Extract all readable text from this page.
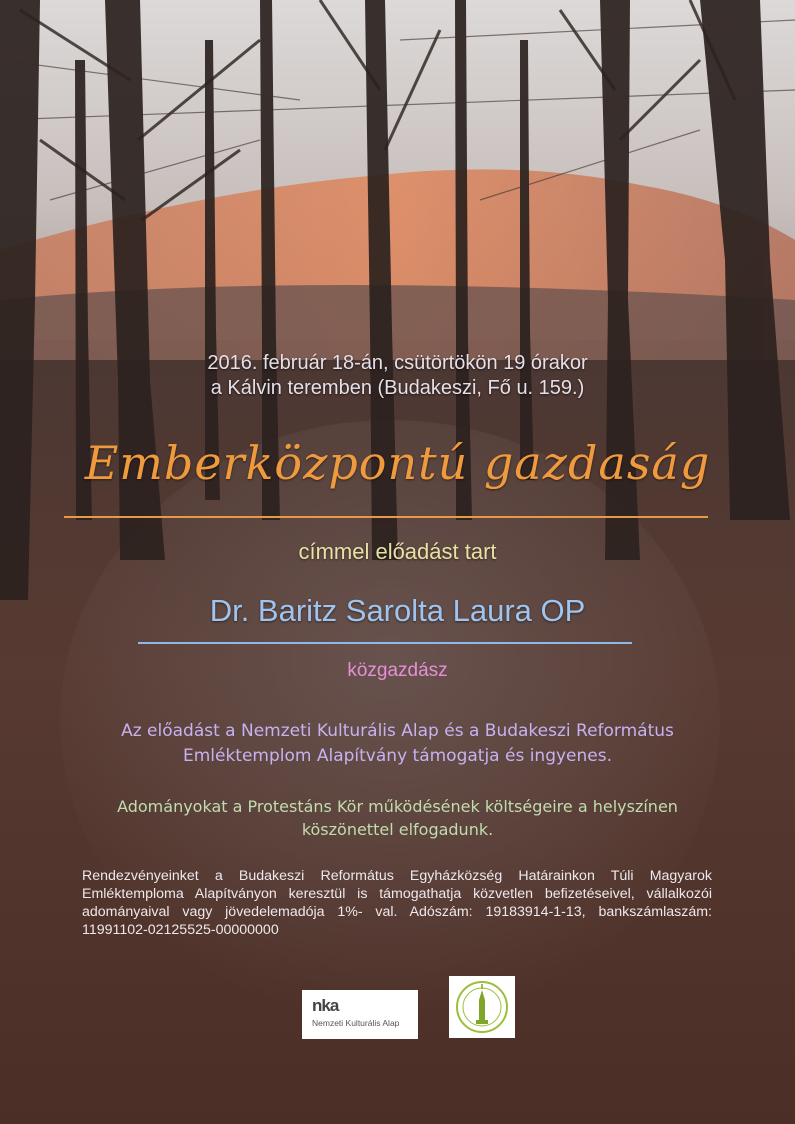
2016. február 18-án, csütörtökön 19 órakor
a Kálvin teremben (Budakeszi, Fő u. 159.)
Emberközpontú gazdaság
címmel előadást tart
Dr. Baritz Sarolta Laura OP
közgazdász
Az előadást a Nemzeti Kulturális Alap és a Budakeszi Református
Emléktemplom Alapítvány támogatja és ingyenes.
Adományokat a Protestáns Kör működésének költségeire a helyszínen
köszönettel elfogadunk.
Rendezvényeinket a Budakeszi Református Egyházközség Határainkon Túli Magyarok Emléktemploma Alapítványon keresztül is támogathatja közvetlen befizetéseivel, vállalkozói adományaival vagy jövedelemadója 1%- val. Adószám: 19183914-1-13, bankszámlaszám: 11991102-02125525-00000000
nka
Nemzeti Kulturális Alap
